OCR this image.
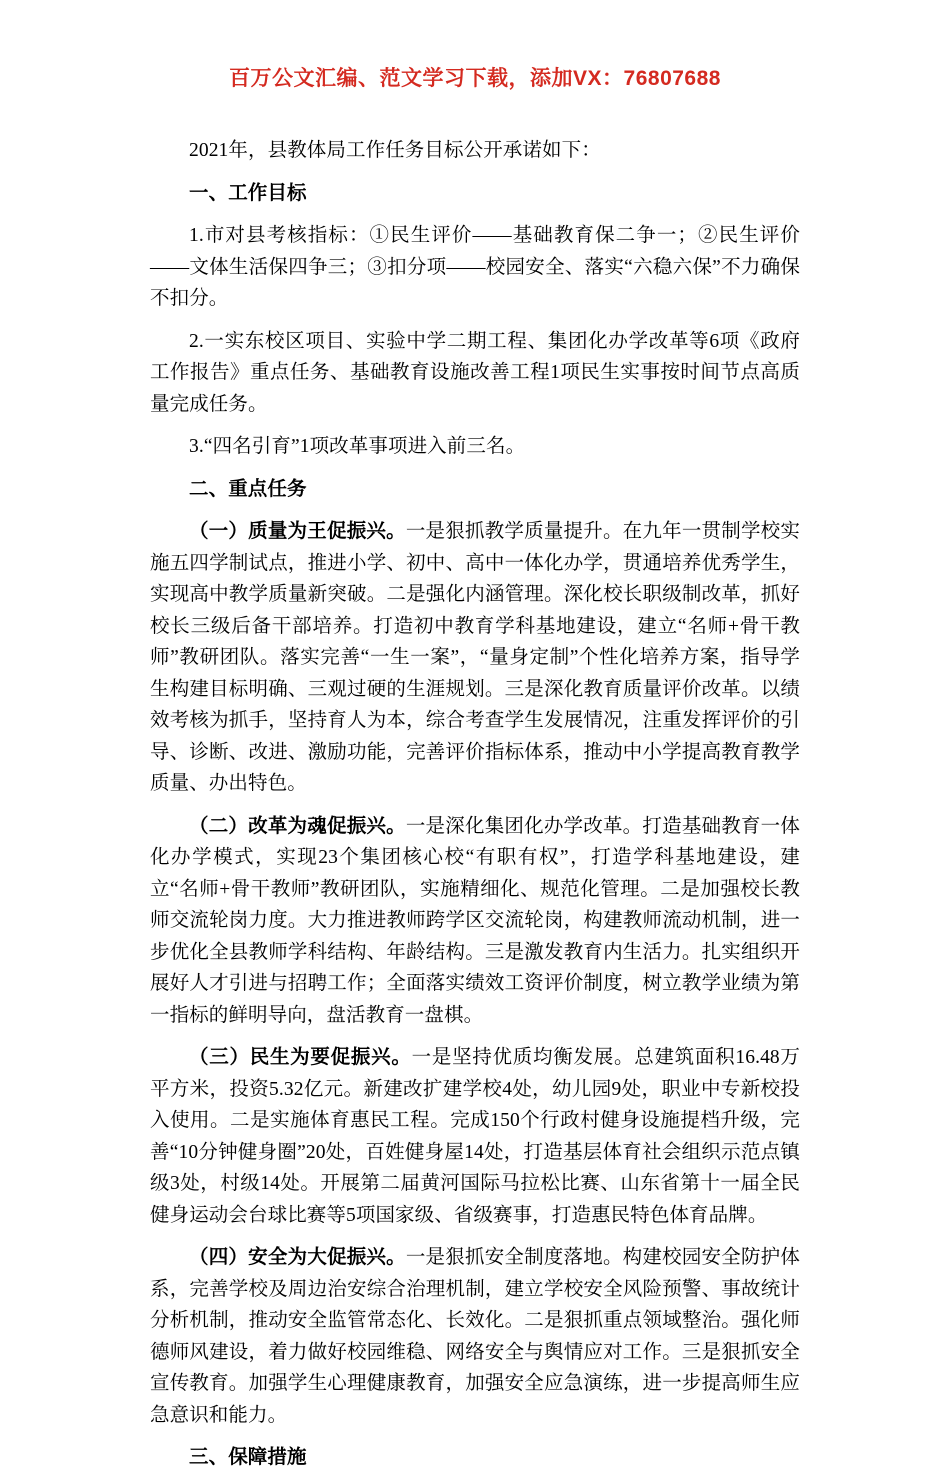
百万公文汇编、范文学习下载，添加VX：76807688

2021年，县教体局工作任务目标公开承诺如下：

一、工作目标

1.市对县考核指标：①民生评价——基础教育保二争一；②民生评价——文体生活保四争三；③扣分项——校园安全、落实“六稳六保”不力确保不扣分。

2.一实东校区项目、实验中学二期工程、集团化办学改革等6项《政府工作报告》重点任务、基础教育设施改善工程1项民生实事按时间节点高质量完成任务。

3.“四名引育”1项改革事项进入前三名。

二、重点任务

（一）质量为王促振兴。一是狠抓教学质量提升。在九年一贯制学校实施五四学制试点，推进小学、初中、高中一体化办学，贯通培养优秀学生，实现高中教学质量新突破。二是强化内涵管理。深化校长职级制改革，抓好校长三级后备干部培养。打造初中教育学科基地建设，建立“名师+骨干教师”教研团队。落实完善“一生一案”，“量身定制”个性化培养方案，指导学生构建目标明确、三观过硬的生涯规划。三是深化教育质量评价改革。以绩效考核为抓手，坚持育人为本，综合考查学生发展情况，注重发挥评价的引导、诊断、改进、激励功能，完善评价指标体系，推动中小学提高教育教学质量、办出特色。

（二）改革为魂促振兴。一是深化集团化办学改革。打造基础教育一体化办学模式，实现23个集团核心校“有职有权”，打造学科基地建设，建立“名师+骨干教师”教研团队，实施精细化、规范化管理。二是加强校长教师交流轮岗力度。大力推进教师跨学区交流轮岗，构建教师流动机制，进一步优化全县教师学科结构、年龄结构。三是激发教育内生活力。扎实组织开展好人才引进与招聘工作；全面落实绩效工资评价制度，树立教学业绩为第一指标的鲜明导向，盘活教育一盘棋。

（三）民生为要促振兴。一是坚持优质均衡发展。总建筑面积16.48万平方米，投资5.32亿元。新建改扩建学校4处，幼儿园9处，职业中专新校投入使用。二是实施体育惠民工程。完成150个行政村健身设施提档升级，完善“10分钟健身圈”20处，百姓健身屋14处，打造基层体育社会组织示范点镇级3处，村级14处。开展第二届黄河国际马拉松比赛、山东省第十一届全民健身运动会台球比赛等5项国家级、省级赛事，打造惠民特色体育品牌。

（四）安全为大促振兴。一是狠抓安全制度落地。构建校园安全防护体系，完善学校及周边治安综合治理机制，建立学校安全风险预警、事故统计分析机制，推动安全监管常态化、长效化。二是狠抓重点领域整治。强化师德师风建设，着力做好校园维稳、网络安全与舆情应对工作。三是狠抓安全宣传教育。加强学生心理健康教育，加强安全应急演练，进一步提高师生应急意识和能力。

三、保障措施
